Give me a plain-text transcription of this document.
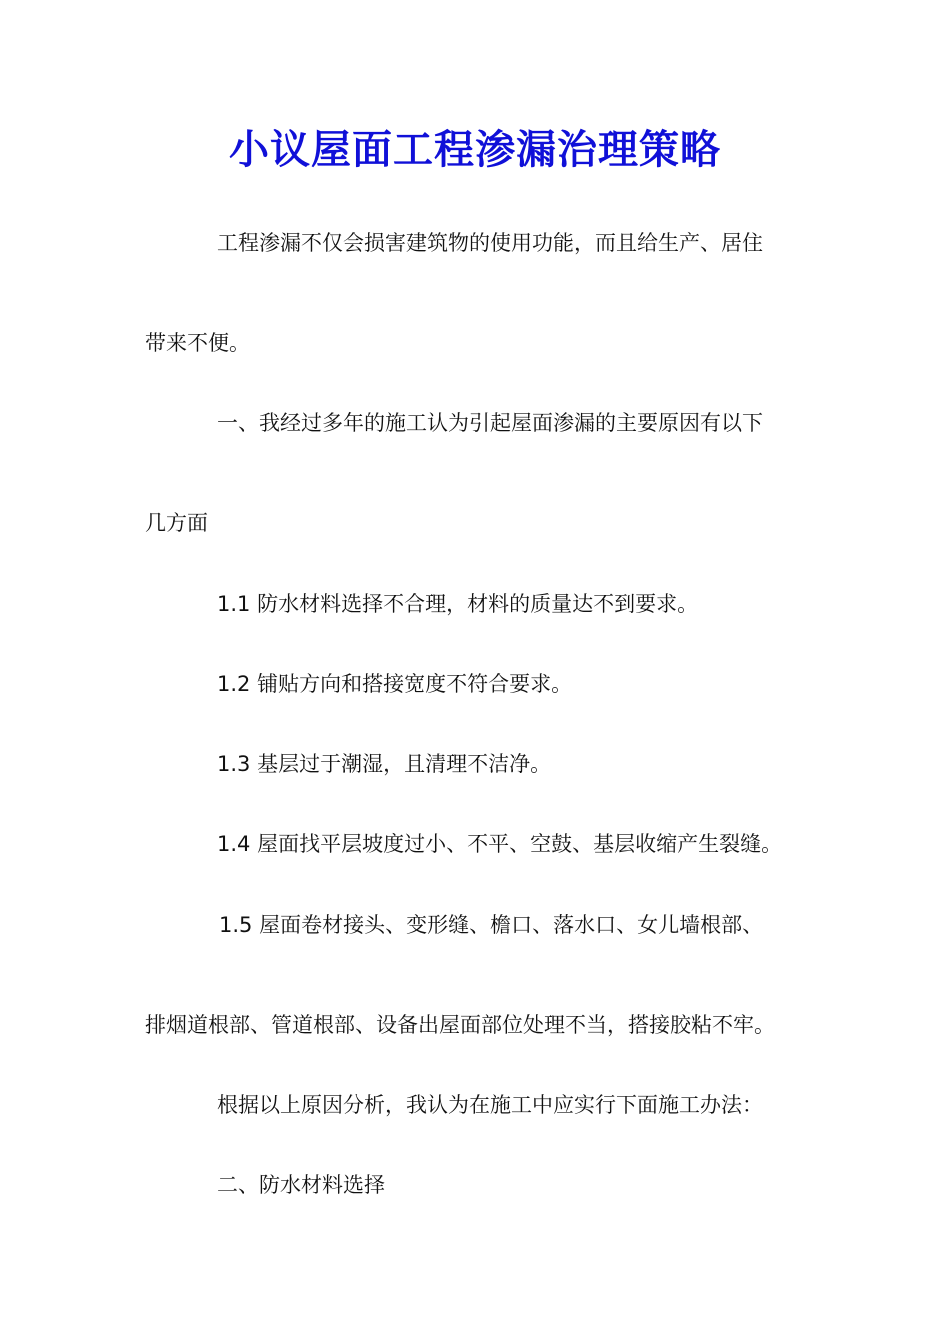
小议屋面工程渗漏治理策略

工程渗漏不仅会损害建筑物的使用功能，而且给生产、居住

带来不便。

一、我经过多年的施工认为引起屋面渗漏的主要原因有以下

几方面

1.1 防水材料选择不合理，材料的质量达不到要求。

1.2 铺贴方向和搭接宽度不符合要求。

1.3 基层过于潮湿，且清理不洁净。

1.4 屋面找平层坡度过小、不平、空鼓、基层收缩产生裂缝。

1.5 屋面卷材接头、变形缝、檐口、落水口、女儿墙根部、

排烟道根部、管道根部、设备出屋面部位处理不当，搭接胶粘不牢。

根据以上原因分析，我认为在施工中应实行下面施工办法：

二、防水材料选择
